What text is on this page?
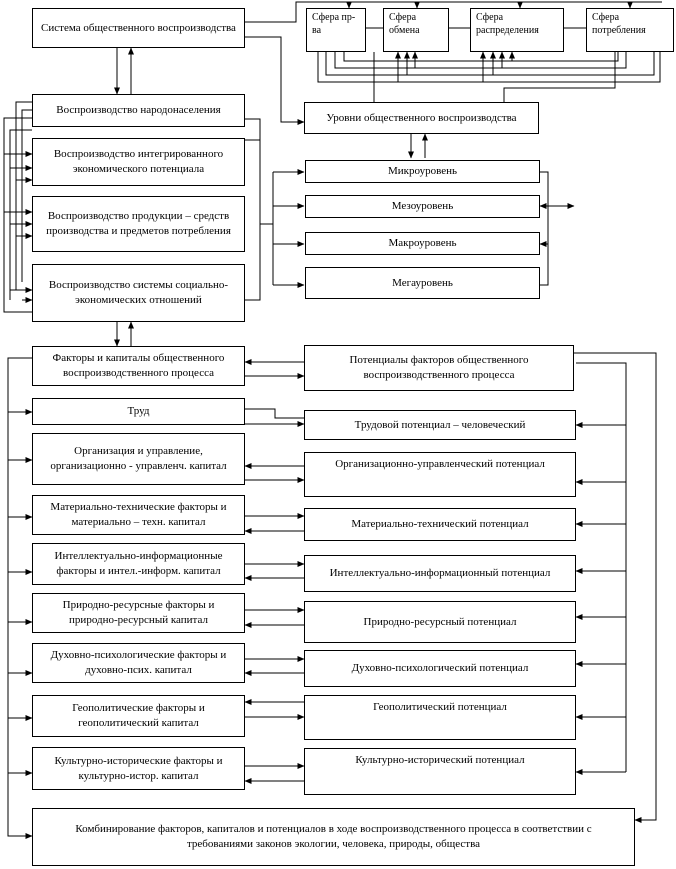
Система общественного воспроизводства
Сфера пр-ва
Сфера обмена
Сфера распределения
Сфера потребления
Уровни общественного воспроизводства
Микроуровень
Мезоуровень
Макроуровень
Мегауровень
Воспроизводство народонаселения
Воспроизводство интегрированного экономического потенциала
Воспроизводство продукции – средств производства и предметов потребления
Воспроизводство системы социально-экономических отношений
Факторы и капиталы общественного воспроизводственного процесса
Потенциалы факторов общественного воспроизводственного процесса
Труд
Организация и управление, организационно - управленч. капитал
Материально-технические факторы и материально – техн. капитал
Интеллектуально-информационные факторы и интел.-информ. капитал
Природно-ресурсные факторы и природно-ресурсный капитал
Духовно-психологические факторы и духовно-псих. капитал
Геополитические факторы и геополитический капитал
Культурно-исторические факторы и культурно-истор. капитал
Трудовой потенциал – человеческий
Организационно-управленческий потенциал
Материально-технический потенциал
Интеллектуально-информационный потенциал
Природно-ресурсный потенциал
Духовно-психологический потенциал
Геополитический потенциал
Культурно-исторический потенциал
Комбинирование факторов, капиталов и потенциалов в ходе воспроизводственного процесса в соответствии с требованиями законов экологии, человека, природы, общества
